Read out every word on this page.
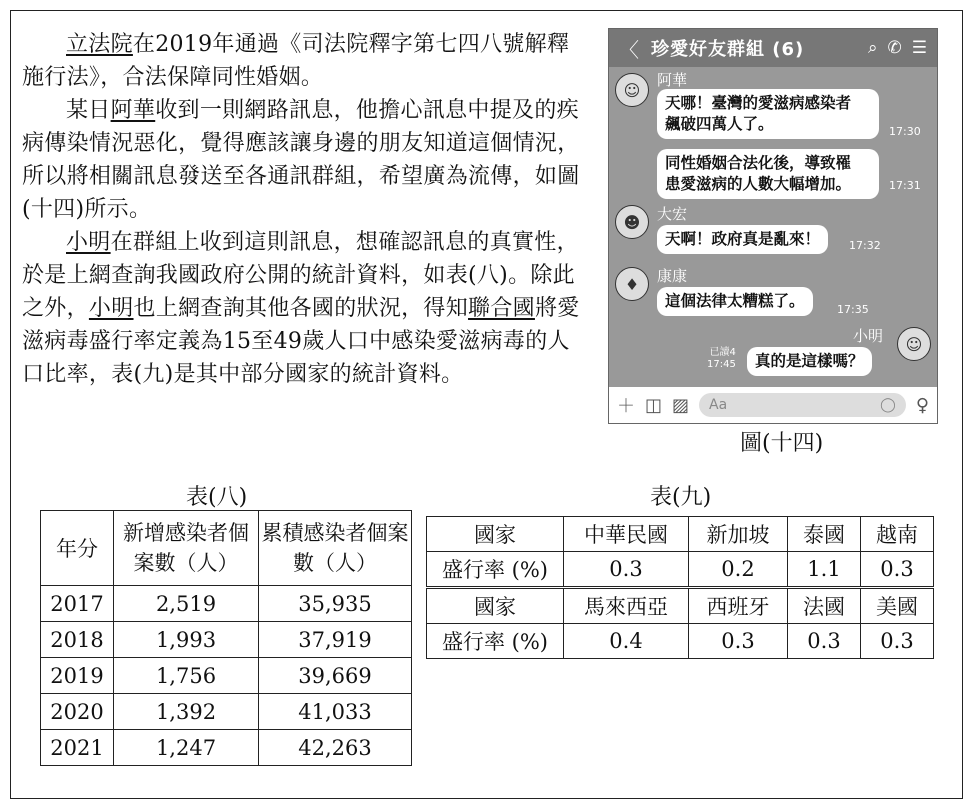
立法院在2019年通過《司法院釋字第七四八號解釋施行法》，合法保障同性婚姻。

某日阿華收到一則網路訊息，他擔心訊息中提及的疾病傳染情況惡化，覺得應該讓身邊的朋友知道這個情況，所以將相關訊息發送至各通訊群組，希望廣為流傳，如圖(十四)所示。

小明在群組上收到這則訊息，想確認訊息的真實性，於是上網查詢我國政府公開的統計資料，如表(八)。除此之外，小明也上網查詢其他各國的狀況，得知聯合國將愛滋病毒盛行率定義為15至49歲人口中感染愛滋病毒的人口比率，表(九)是其中部分國家的統計資料。

〈 珍愛好友群組 (6)	⌕ ✆ ☰
☺
阿華
天哪！臺灣的愛滋病感染者
飆破四萬人了。	17:30
同性婚姻合法化後，導致罹
患愛滋病的人數大幅增加。	17:31
☻	大宏
天啊！政府真是亂來！	17:32
♦	康康
這個法律太糟糕了。	17:35
小明	☺
已讀4
17:45 真的是這樣嗎？
＋ ◫ ▨ Aa	◯ ♀
圖(十四)
表(八)
年分	新增感染者個案數（人）	累積感染者個案數（人）
2017	2,519	35,935
2018	1,993	37,919
2019	1,756	39,669
2020	1,392	41,033
2021	1,247	42,263
表(九)
國家	中華民國	新加坡	泰國	越南
盛行率 (%)	0.3	0.2	1.1	0.3
國家	馬來西亞	西班牙	法國	美國
盛行率 (%)	0.4	0.3	0.3	0.3
